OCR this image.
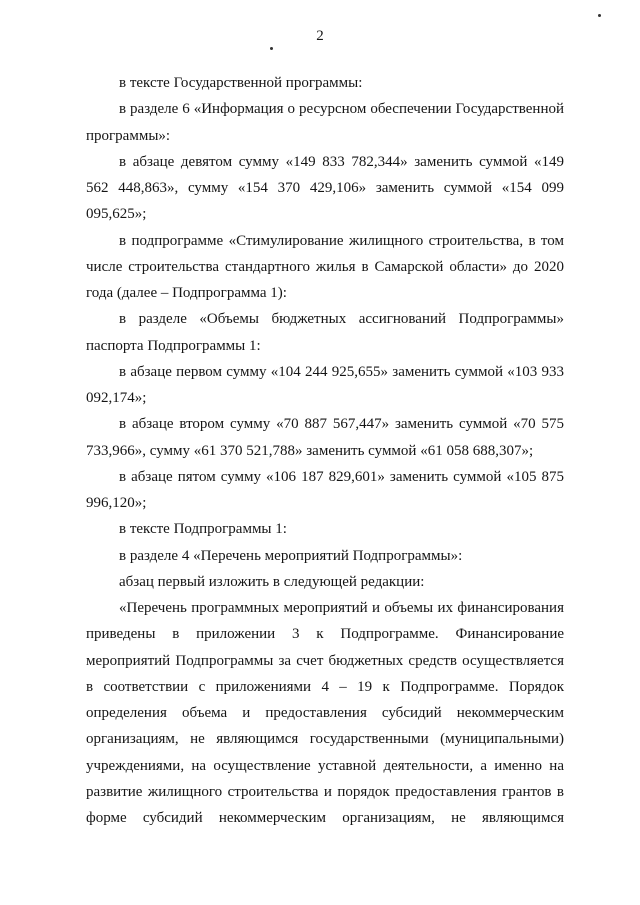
2

в тексте Государственной программы:

в разделе 6 «Информация о ресурсном обеспечении Государственной программы»:

в абзаце девятом сумму «149 833 782,344» заменить суммой «149 562 448,863», сумму «154 370 429,106» заменить суммой «154 099 095,625»;

в подпрограмме «Стимулирование жилищного строительства, в том числе строительства стандартного жилья в Самарской области» до 2020 года (далее – Подпрограмма 1):

в разделе «Объемы бюджетных ассигнований Подпрограммы» паспорта Подпрограммы 1:

в абзаце первом сумму «104 244 925,655» заменить суммой «103 933 092,174»;

в абзаце втором сумму «70 887 567,447» заменить суммой «70 575 733,966», сумму «61 370 521,788» заменить суммой «61 058 688,307»;

в абзаце пятом сумму «106 187 829,601» заменить суммой «105 875 996,120»;

в тексте Подпрограммы 1:

в разделе 4 «Перечень мероприятий Подпрограммы»:

абзац первый изложить в следующей редакции:

«Перечень программных мероприятий и объемы их финансирования приведены в приложении 3 к Подпрограмме. Финансирование мероприятий Подпрограммы за счет бюджетных средств осуществляется в соответствии с приложениями 4 – 19 к Подпрограмме. Порядок определения объема и предоставления субсидий некоммерческим организациям, не являющимся государственными (муниципальными) учреждениями, на осуществление уставной деятельности, а именно на развитие жилищного строительства и порядок предоставления грантов в форме субсидий некоммерческим организациям, не являющимся
